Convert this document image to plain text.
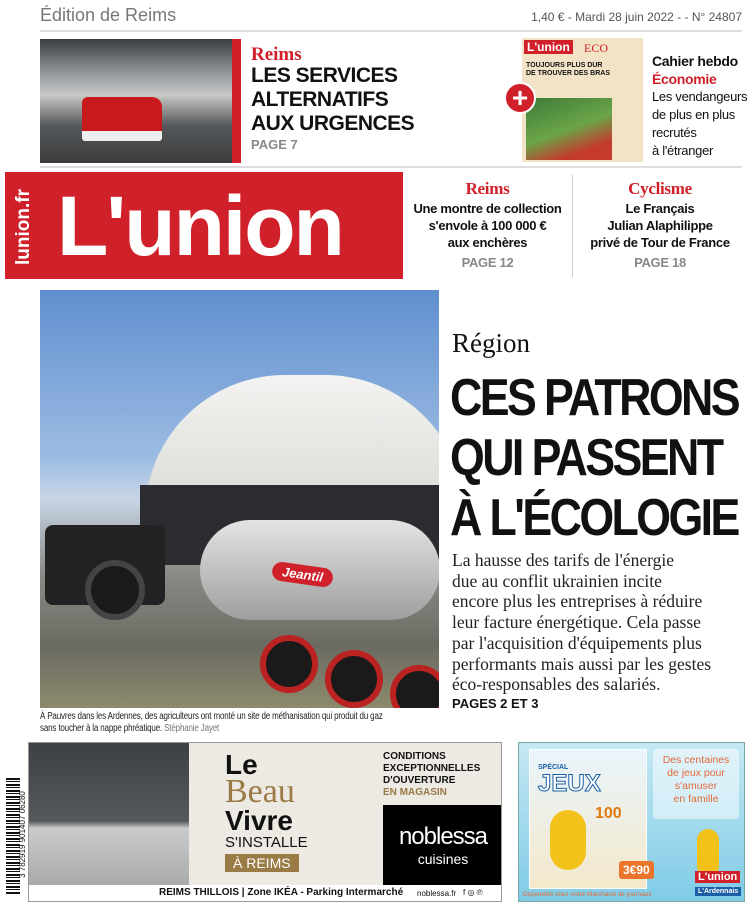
Édition de Reims	1,40 € - Mardi 28 juin 2022 - - N° 24807
Reims
LES SERVICES
ALTERNATIFS
AUX URGENCES
PAGE 7
L'union ECO
TOUJOURS PLUS DUR
DE TROUVER DES BRAS
+
Cahier hebdo
Économie
Les vendangeurs
de plus en plus
recrutés
à l'étranger
lunion.fr L'union	Reims
Une montre de collection
s'envole à 100 000 €
aux enchères
PAGE 12
Cyclisme
Le Français
Julian Alaphilippe
privé de Tour de France
PAGE 18
Jeantil
À Pauvres dans les Ardennes, des agriculteurs ont monté un site de méthanisation qui produit du gaz
sans toucher à la nappe phréatique. Stéphanie Jayet
Région
CES PATRONS
QUI PASSENT
À L'ÉCOLOGIE
La hausse des tarifs de l'énergie
due au conflit ukrainien incite
encore plus les entreprises à réduire
leur facture énergétique. Cela passe
par l'acquisition d'équipements plus
performants mais aussi par les gestes
éco-responsables des salariés.
PAGES 2 ET 3
3 782919 901407 06280
Le
Beau
Vivre
S'INSTALLE
À REIMS
CONDITIONS
EXCEPTIONNELLES
D'OUVERTURE
EN MAGASIN
noblessa
cuisines
REIMS THILLOIS | Zone IKÉA - Parking Intermarché noblessa.fr f ◎ ℗
SPÉCIAL
JEUX
100
3€90
Des centaines
de jeux pour
s'amuser
en famille
L'union
L'Ardennais
Disponible chez votre Marchand de journaux
